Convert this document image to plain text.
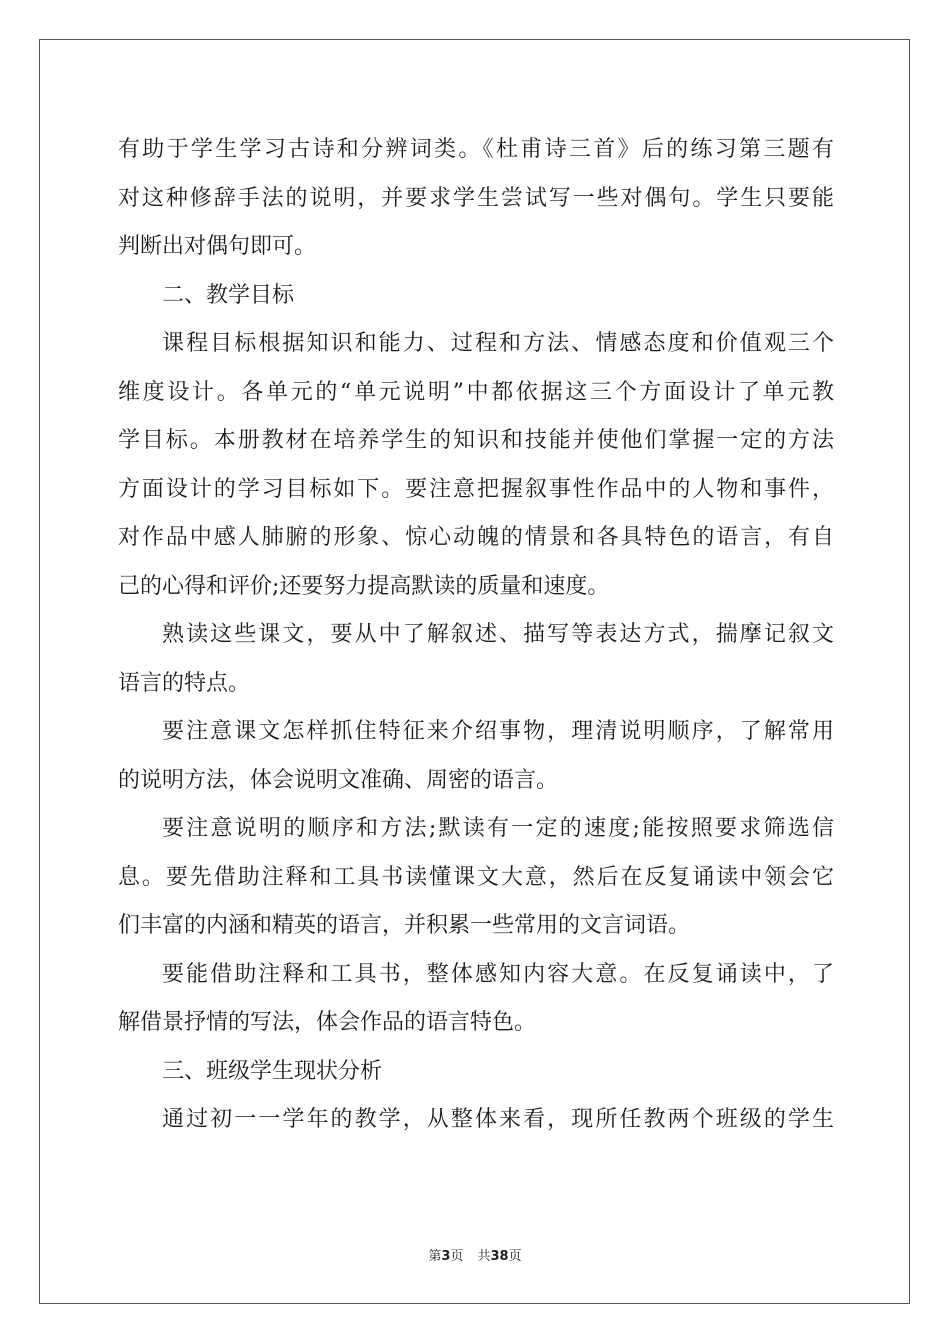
有助于学生学习古诗和分辨词类。《杜甫诗三首》后的练习第三题有
对这种修辞手法的说明，并要求学生尝试写一些对偶句。学生只要能
判断出对偶句即可。
二、教学目标
课程目标根据知识和能力、过程和方法、情感态度和价值观三个
维度设计。各单元的“单元说明”中都依据这三个方面设计了单元教
学目标。本册教材在培养学生的知识和技能并使他们掌握一定的方法
方面设计的学习目标如下。要注意把握叙事性作品中的人物和事件，
对作品中感人肺腑的形象、惊心动魄的情景和各具特色的语言，有自
己的心得和评价;还要努力提高默读的质量和速度。
熟读这些课文，要从中了解叙述、描写等表达方式，揣摩记叙文
语言的特点。
要注意课文怎样抓住特征来介绍事物，理清说明顺序，了解常用
的说明方法，体会说明文准确、周密的语言。
要注意说明的顺序和方法;默读有一定的速度;能按照要求筛选信
息。要先借助注释和工具书读懂课文大意，然后在反复诵读中领会它
们丰富的内涵和精英的语言，并积累一些常用的文言词语。
要能借助注释和工具书，整体感知内容大意。在反复诵读中，了
解借景抒情的写法，体会作品的语言特色。
三、班级学生现状分析
通过初一一学年的教学，从整体来看，现所任教两个班级的学生
第3页 共38页
